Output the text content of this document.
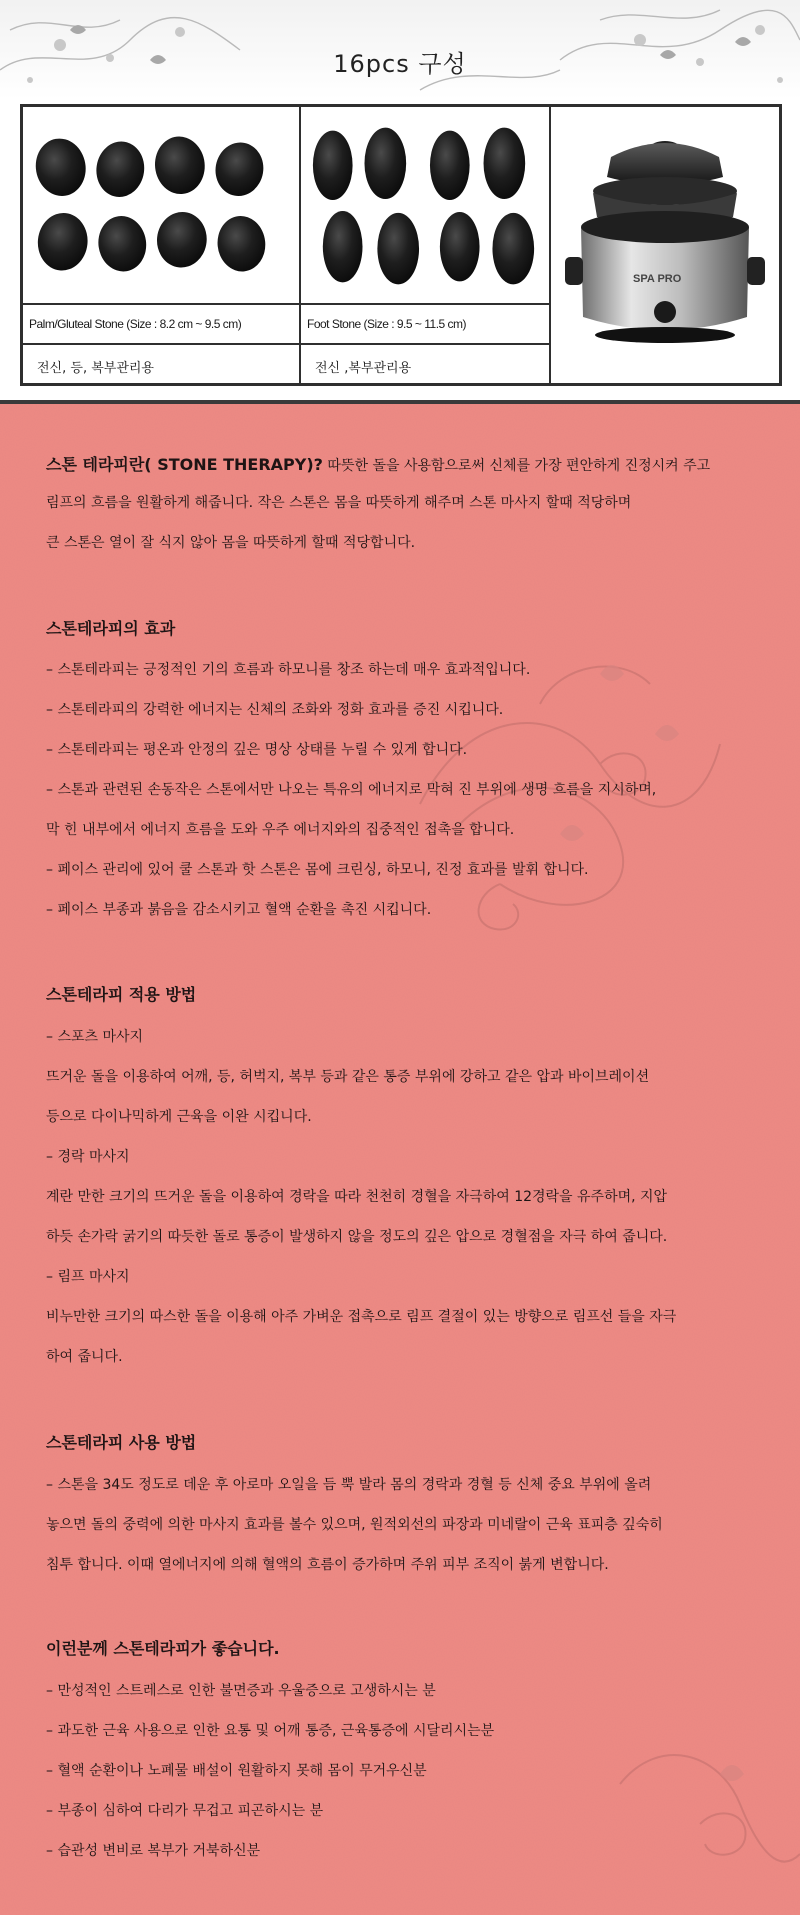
16pcs 구성
Palm/Gluteal Stone (Size : 8.2 cm ~ 9.5 cm)
전신, 등, 복부관리용
Foot Stone (Size : 9.5 ~ 11.5 cm)
전신 ,복부관리용
SPA PRO
스톤 테라피란( STONE THERAPY)? 따뜻한 돌을 사용함으로써 신체를 가장 편안하게 진정시켜 주고
림프의 흐름을 원활하게 해줍니다. 작은 스톤은 몸을 따뜻하게 해주며 스톤 마사지 할때 적당하며
큰 스톤은 열이 잘 식지 않아 몸을 따뜻하게 할때 적당합니다.
스톤테라피의 효과
– 스톤테라피는 긍정적인 기의 흐름과 하모니를 창조 하는데 매우 효과적입니다.
– 스톤테라피의 강력한 에너지는 신체의 조화와 정화 효과를 증진 시킵니다.
– 스톤테라피는 평온과 안정의 깊은 명상 상태를 누릴 수 있게 합니다.
– 스톤과 관련된 손동작은 스톤에서만 나오는 특유의 에너지로 막혀 진 부위에 생명 흐름을 지시하며,
막 힌 내부에서 에너지 흐름을 도와 우주 에너지와의 집중적인 접촉을 합니다.
– 페이스 관리에 있어 쿨 스톤과 핫 스톤은 몸에 크린싱, 하모니, 진정 효과를 발휘 합니다.
– 페이스 부종과 붉음을 감소시키고 혈액 순환을 촉진 시킵니다.
스톤테라피 적용 방법
– 스포츠 마사지
뜨거운 돌을 이용하여 어깨, 등, 허벅지, 복부 등과 같은 통증 부위에 강하고 같은 압과 바이브레이션
등으로 다이나믹하게 근육을 이완 시킵니다.
– 경락 마사지
계란 만한 크기의 뜨거운 돌을 이용하여 경락을 따라 천천히 경혈을 자극하여 12경락을 유주하며, 지압
하듯 손가락 굵기의 따듯한 돌로 통증이 발생하지 않을 정도의 깊은 압으로 경혈점을 자극 하여 줍니다.
– 림프 마사지
비누만한 크기의 따스한 돌을 이용해 아주 가벼운 접촉으로 림프 결절이 있는 방향으로 림프선 들을 자극
하여 줍니다.
스톤테라피 사용 방법
– 스톤을 34도 정도로 데운 후 아로마 오일을 듬 뿍 발라 몸의 경락과 경혈 등 신체 중요 부위에 올려
놓으면 돌의 중력에 의한 마사지 효과를 볼수 있으며, 원적외선의 파장과 미네랄이 근육 표피층 깊숙히
침투 합니다. 이때 열에너지에 의해 혈액의 흐름이 증가하며 주위 피부 조직이 붉게 변합니다.
이런분께 스톤테라피가 좋습니다.
– 만성적인 스트레스로 인한 불면증과 우울증으로 고생하시는 분
– 과도한 근육 사용으로 인한 요통 및 어깨 통증, 근육통증에 시달리시는분
– 혈액 순환이나 노폐물 배설이 원활하지 못해 몸이 무거우신분
– 부종이 심하여 다리가 무겁고 피곤하시는 분
– 습관성 변비로 복부가 거북하신분
